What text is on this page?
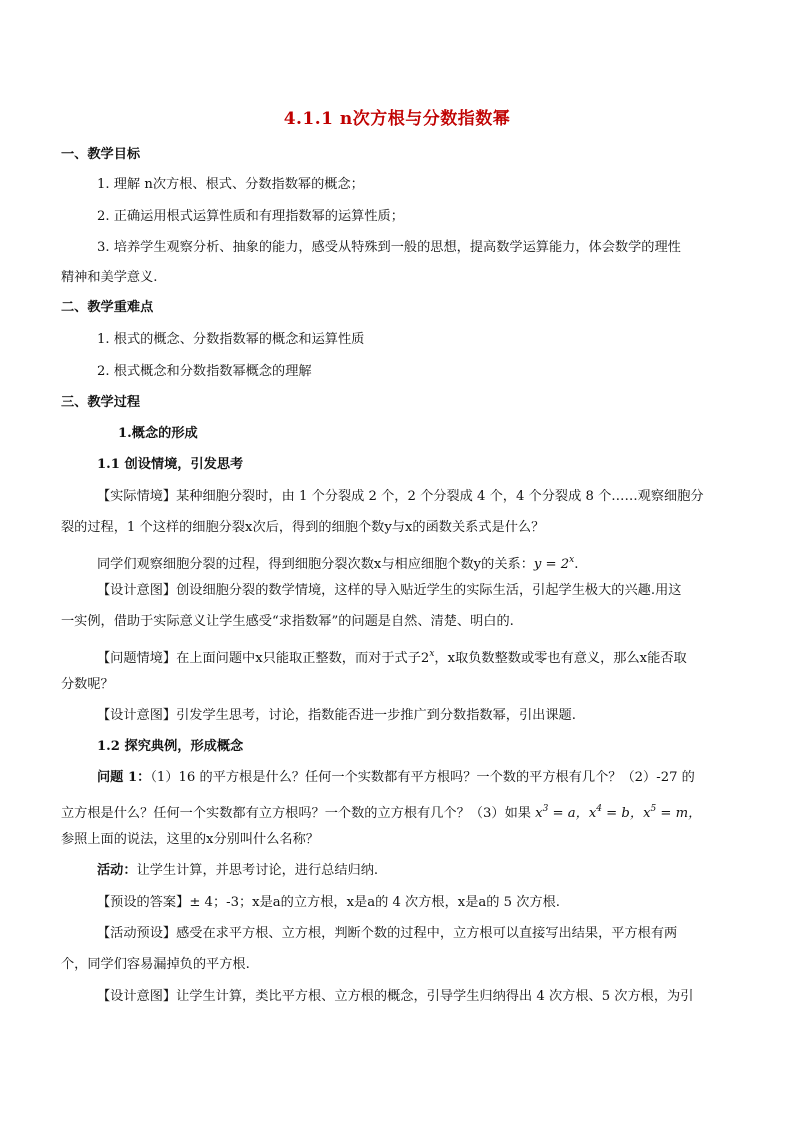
4.1.1 n次方根与分数指数幂
一、教学目标
1. 理解 n次方根、根式、分数指数幂的概念；
2. 正确运用根式运算性质和有理指数幂的运算性质；
3. 培养学生观察分析、抽象的能力，感受从特殊到一般的思想，提高数学运算能力，体会数学的理性
精神和美学意义.
二、教学重难点
1. 根式的概念、分数指数幂的概念和运算性质
2. 根式概念和分数指数幂概念的理解
三、教学过程
1.概念的形成
1.1 创设情境，引发思考
【实际情境】某种细胞分裂时，由 1 个分裂成 2 个，2 个分裂成 4 个，4 个分裂成 8 个……观察细胞分
裂的过程，1 个这样的细胞分裂x次后，得到的细胞个数y与x的函数关系式是什么？
同学们观察细胞分裂的过程，得到细胞分裂次数x与相应细胞个数y的关系：$y = 2^x$.
【设计意图】创设细胞分裂的数学情境，这样的导入贴近学生的实际生活，引起学生极大的兴趣.用这
一实例，借助于实际意义让学生感受“求指数幂”的问题是自然、清楚、明白的.
【问题情境】在上面问题中x只能取正整数，而对于式子2$^x$，x取负数整数或零也有意义，那么x能否取
分数呢？
【设计意图】引发学生思考，讨论，指数能否进一步推广到分数指数幂，引出课题.
1.2 探究典例，形成概念
问题 1：（1）16 的平方根是什么？任何一个实数都有平方根吗？一个数的平方根有几个？（2）-27 的
立方根是什么？任何一个实数都有立方根吗？一个数的立方根有几个？（3）如果 $x^3 = a$，$x^4 = b$，$x^5 = m$，
参照上面的说法，这里的x分别叫什么名称？
活动：让学生计算，并思考讨论，进行总结归纳.
【预设的答案】± 4；-3；x是a的立方根，x是a的 4 次方根，x是a的 5 次方根.
【活动预设】感受在求平方根、立方根，判断个数的过程中，立方根可以直接写出结果，平方根有两
个，同学们容易漏掉负的平方根.
【设计意图】让学生计算，类比平方根、立方根的概念，引导学生归纳得出 4 次方根、5 次方根，为引
